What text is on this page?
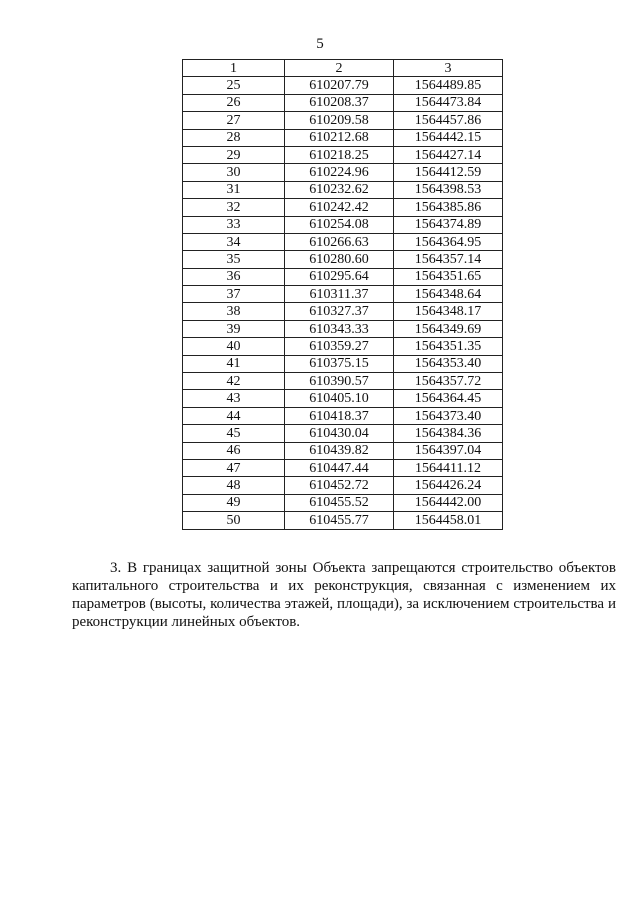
5
1	2	3
25	610207.79	1564489.85
26	610208.37	1564473.84
27	610209.58	1564457.86
28	610212.68	1564442.15
29	610218.25	1564427.14
30	610224.96	1564412.59
31	610232.62	1564398.53
32	610242.42	1564385.86
33	610254.08	1564374.89
34	610266.63	1564364.95
35	610280.60	1564357.14
36	610295.64	1564351.65
37	610311.37	1564348.64
38	610327.37	1564348.17
39	610343.33	1564349.69
40	610359.27	1564351.35
41	610375.15	1564353.40
42	610390.57	1564357.72
43	610405.10	1564364.45
44	610418.37	1564373.40
45	610430.04	1564384.36
46	610439.82	1564397.04
47	610447.44	1564411.12
48	610452.72	1564426.24
49	610455.52	1564442.00
50	610455.77	1564458.01

3. В границах защитной зоны Объекта запрещаются строительство объектов капитального строительства и их реконструкция, связанная с изменением их параметров (высоты, количества этажей, площади), за исключением строительства и реконструкции линейных объектов.
